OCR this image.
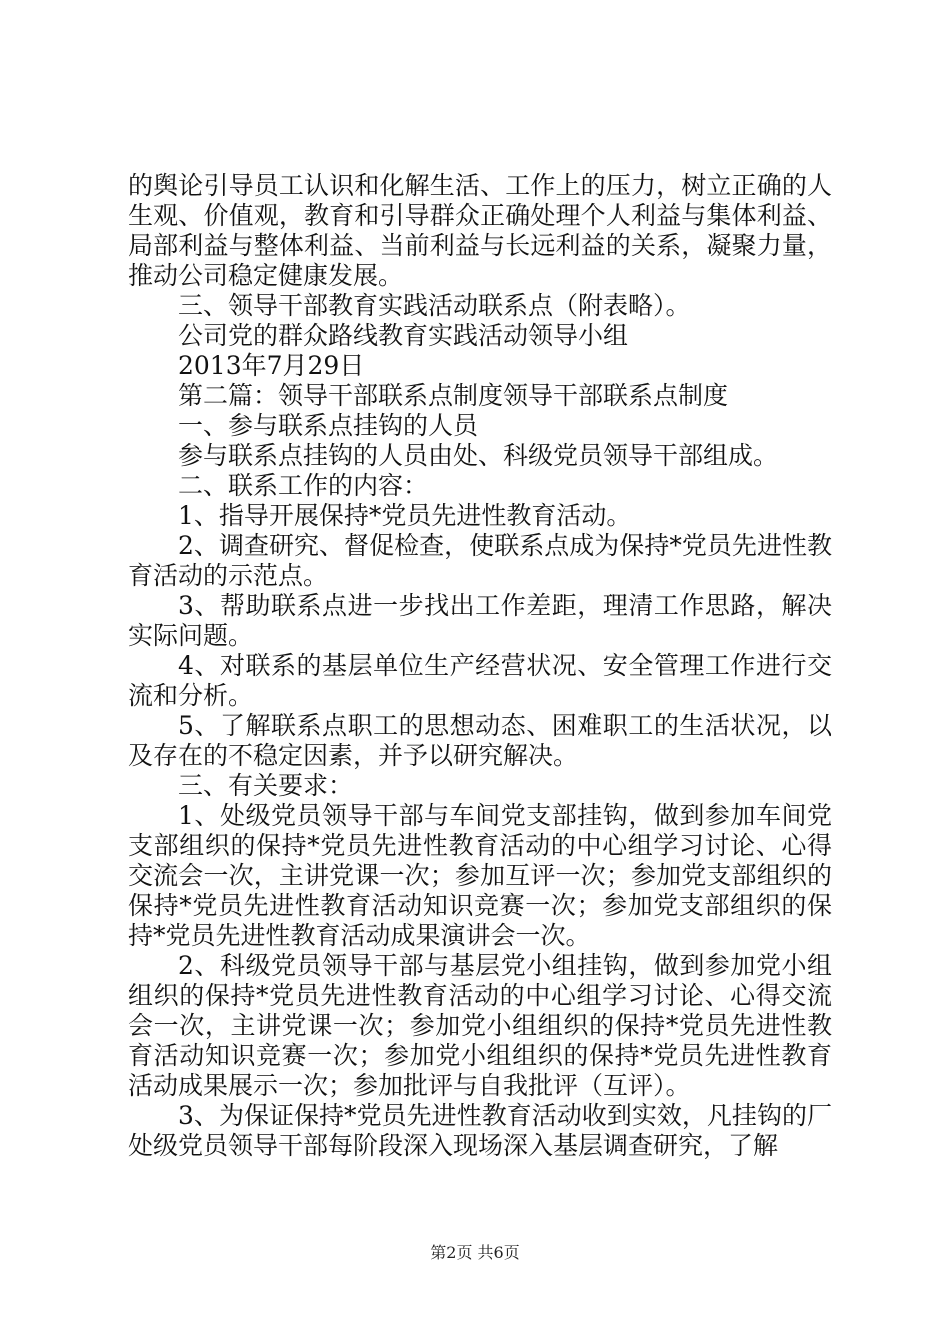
的舆论引导员工认识和化解生活、工作上的压力，树立正确的人生观、价值观，教育和引导群众正确处理个人利益与集体利益、局部利益与整体利益、当前利益与长远利益的关系，凝聚力量，推动公司稳定健康发展。

三、领导干部教育实践活动联系点（附表略）。

公司党的群众路线教育实践活动领导小组

2013年7月29日

第二篇：领导干部联系点制度领导干部联系点制度

一、参与联系点挂钩的人员

参与联系点挂钩的人员由处、科级党员领导干部组成。

二、联系工作的内容：

1、指导开展保持*党员先进性教育活动。

2、调查研究、督促检查，使联系点成为保持*党员先进性教育活动的示范点。

3、帮助联系点进一步找出工作差距，理清工作思路，解决实际问题。

4、对联系的基层单位生产经营状况、安全管理工作进行交流和分析。

5、了解联系点职工的思想动态、困难职工的生活状况，以及存在的不稳定因素，并予以研究解决。

三、有关要求：

1、处级党员领导干部与车间党支部挂钩，做到参加车间党支部组织的保持*党员先进性教育活动的中心组学习讨论、心得交流会一次，主讲党课一次；参加互评一次；参加党支部组织的保持*党员先进性教育活动知识竞赛一次；参加党支部组织的保持*党员先进性教育活动成果演讲会一次。

2、科级党员领导干部与基层党小组挂钩，做到参加党小组组织的保持*党员先进性教育活动的中心组学习讨论、心得交流会一次，主讲党课一次；参加党小组组织的保持*党员先进性教育活动知识竞赛一次；参加党小组组织的保持*党员先进性教育活动成果展示一次；参加批评与自我批评（互评）。

3、为保证保持*党员先进性教育活动收到实效，凡挂钩的厂处级党员领导干部每阶段深入现场深入基层调查研究，了解

第2页 共6页
